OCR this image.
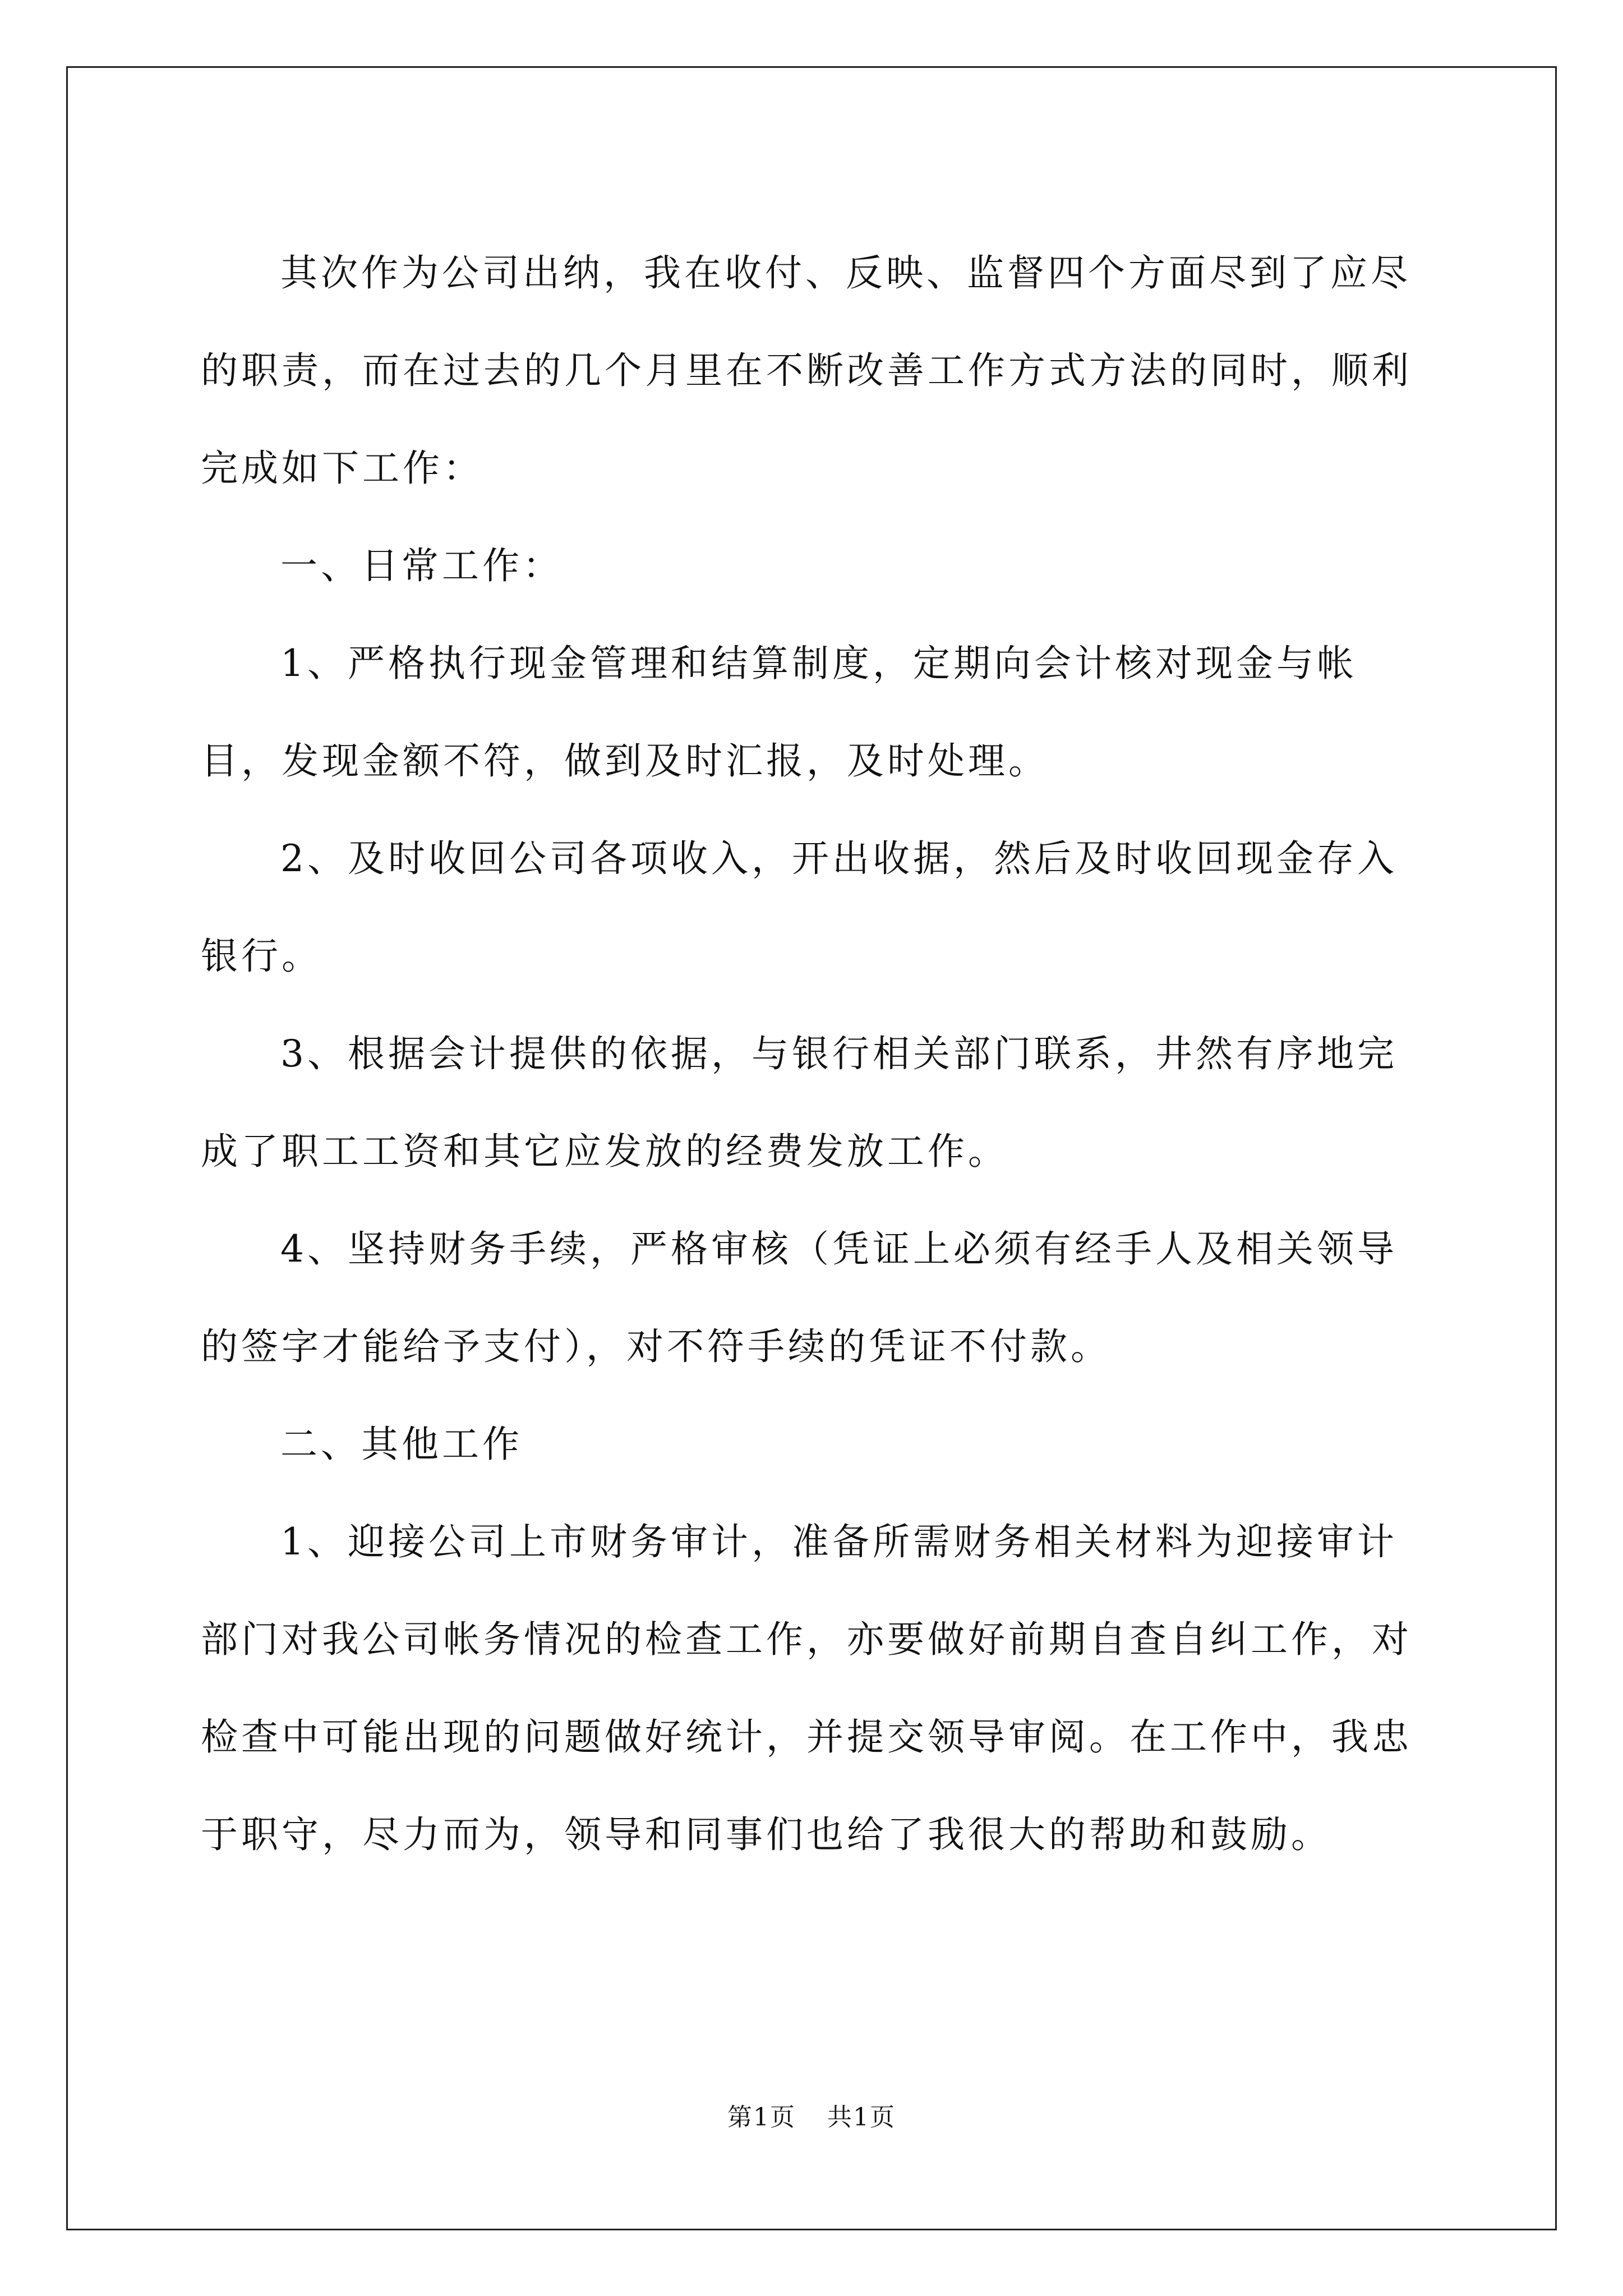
其次作为公司出纳，我在收付、反映、监督四个方面尽到了应尽的职责，而在过去的几个月里在不断改善工作方式方法的同时，顺利完成如下工作：

一、日常工作：

1、严格执行现金管理和结算制度，定期向会计核对现金与帐目，发现金额不符，做到及时汇报，及时处理。

2、及时收回公司各项收入，开出收据，然后及时收回现金存入银行。

3、根据会计提供的依据，与银行相关部门联系，井然有序地完成了职工工资和其它应发放的经费发放工作。

4、坚持财务手续，严格审核（凭证上必须有经手人及相关领导的签字才能给予支付），对不符手续的凭证不付款。

二、其他工作

1、迎接公司上市财务审计，准备所需财务相关材料为迎接审计部门对我公司帐务情况的检查工作，亦要做好前期自查自纠工作，对检查中可能出现的问题做好统计，并提交领导审阅。在工作中，我忠于职守，尽力而为，领导和同事们也给了我很大的帮助和鼓励。

第1页 共1页
